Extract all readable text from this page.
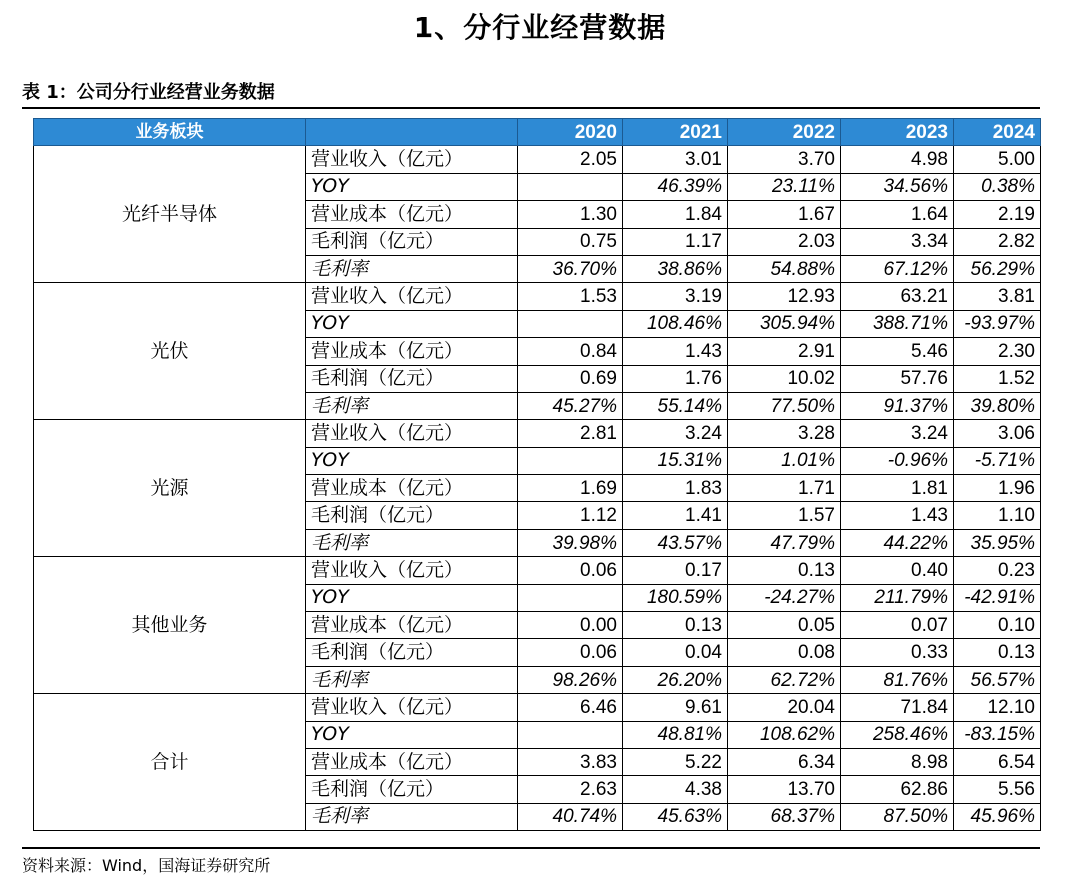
1、分行业经营数据
表 1：公司分行业经营业务数据
业务板块		2020	2021	2022	2023	2024
光纤半导体	营业收入（亿元）	2.05	3.01	3.70	4.98	5.00
	YOY		46.39%	23.11%	34.56%	0.38%
	营业成本（亿元）	1.30	1.84	1.67	1.64	2.19
	毛利润（亿元）	0.75	1.17	2.03	3.34	2.82
	毛利率	36.70%	38.86%	54.88%	67.12%	56.29%
光伏	营业收入（亿元）	1.53	3.19	12.93	63.21	3.81
	YOY		108.46%	305.94%	388.71%	-93.97%
	营业成本（亿元）	0.84	1.43	2.91	5.46	2.30
	毛利润（亿元）	0.69	1.76	10.02	57.76	1.52
	毛利率	45.27%	55.14%	77.50%	91.37%	39.80%
光源	营业收入（亿元）	2.81	3.24	3.28	3.24	3.06
	YOY		15.31%	1.01%	-0.96%	-5.71%
	营业成本（亿元）	1.69	1.83	1.71	1.81	1.96
	毛利润（亿元）	1.12	1.41	1.57	1.43	1.10
	毛利率	39.98%	43.57%	47.79%	44.22%	35.95%
其他业务	营业收入（亿元）	0.06	0.17	0.13	0.40	0.23
	YOY		180.59%	-24.27%	211.79%	-42.91%
	营业成本（亿元）	0.00	0.13	0.05	0.07	0.10
	毛利润（亿元）	0.06	0.04	0.08	0.33	0.13
	毛利率	98.26%	26.20%	62.72%	81.76%	56.57%
合计	营业收入（亿元）	6.46	9.61	20.04	71.84	12.10
	YOY		48.81%	108.62%	258.46%	-83.15%
	营业成本（亿元）	3.83	5.22	6.34	8.98	6.54
	毛利润（亿元）	2.63	4.38	13.70	62.86	5.56
	毛利率	40.74%	45.63%	68.37%	87.50%	45.96%
资料来源：Wind，国海证券研究所
